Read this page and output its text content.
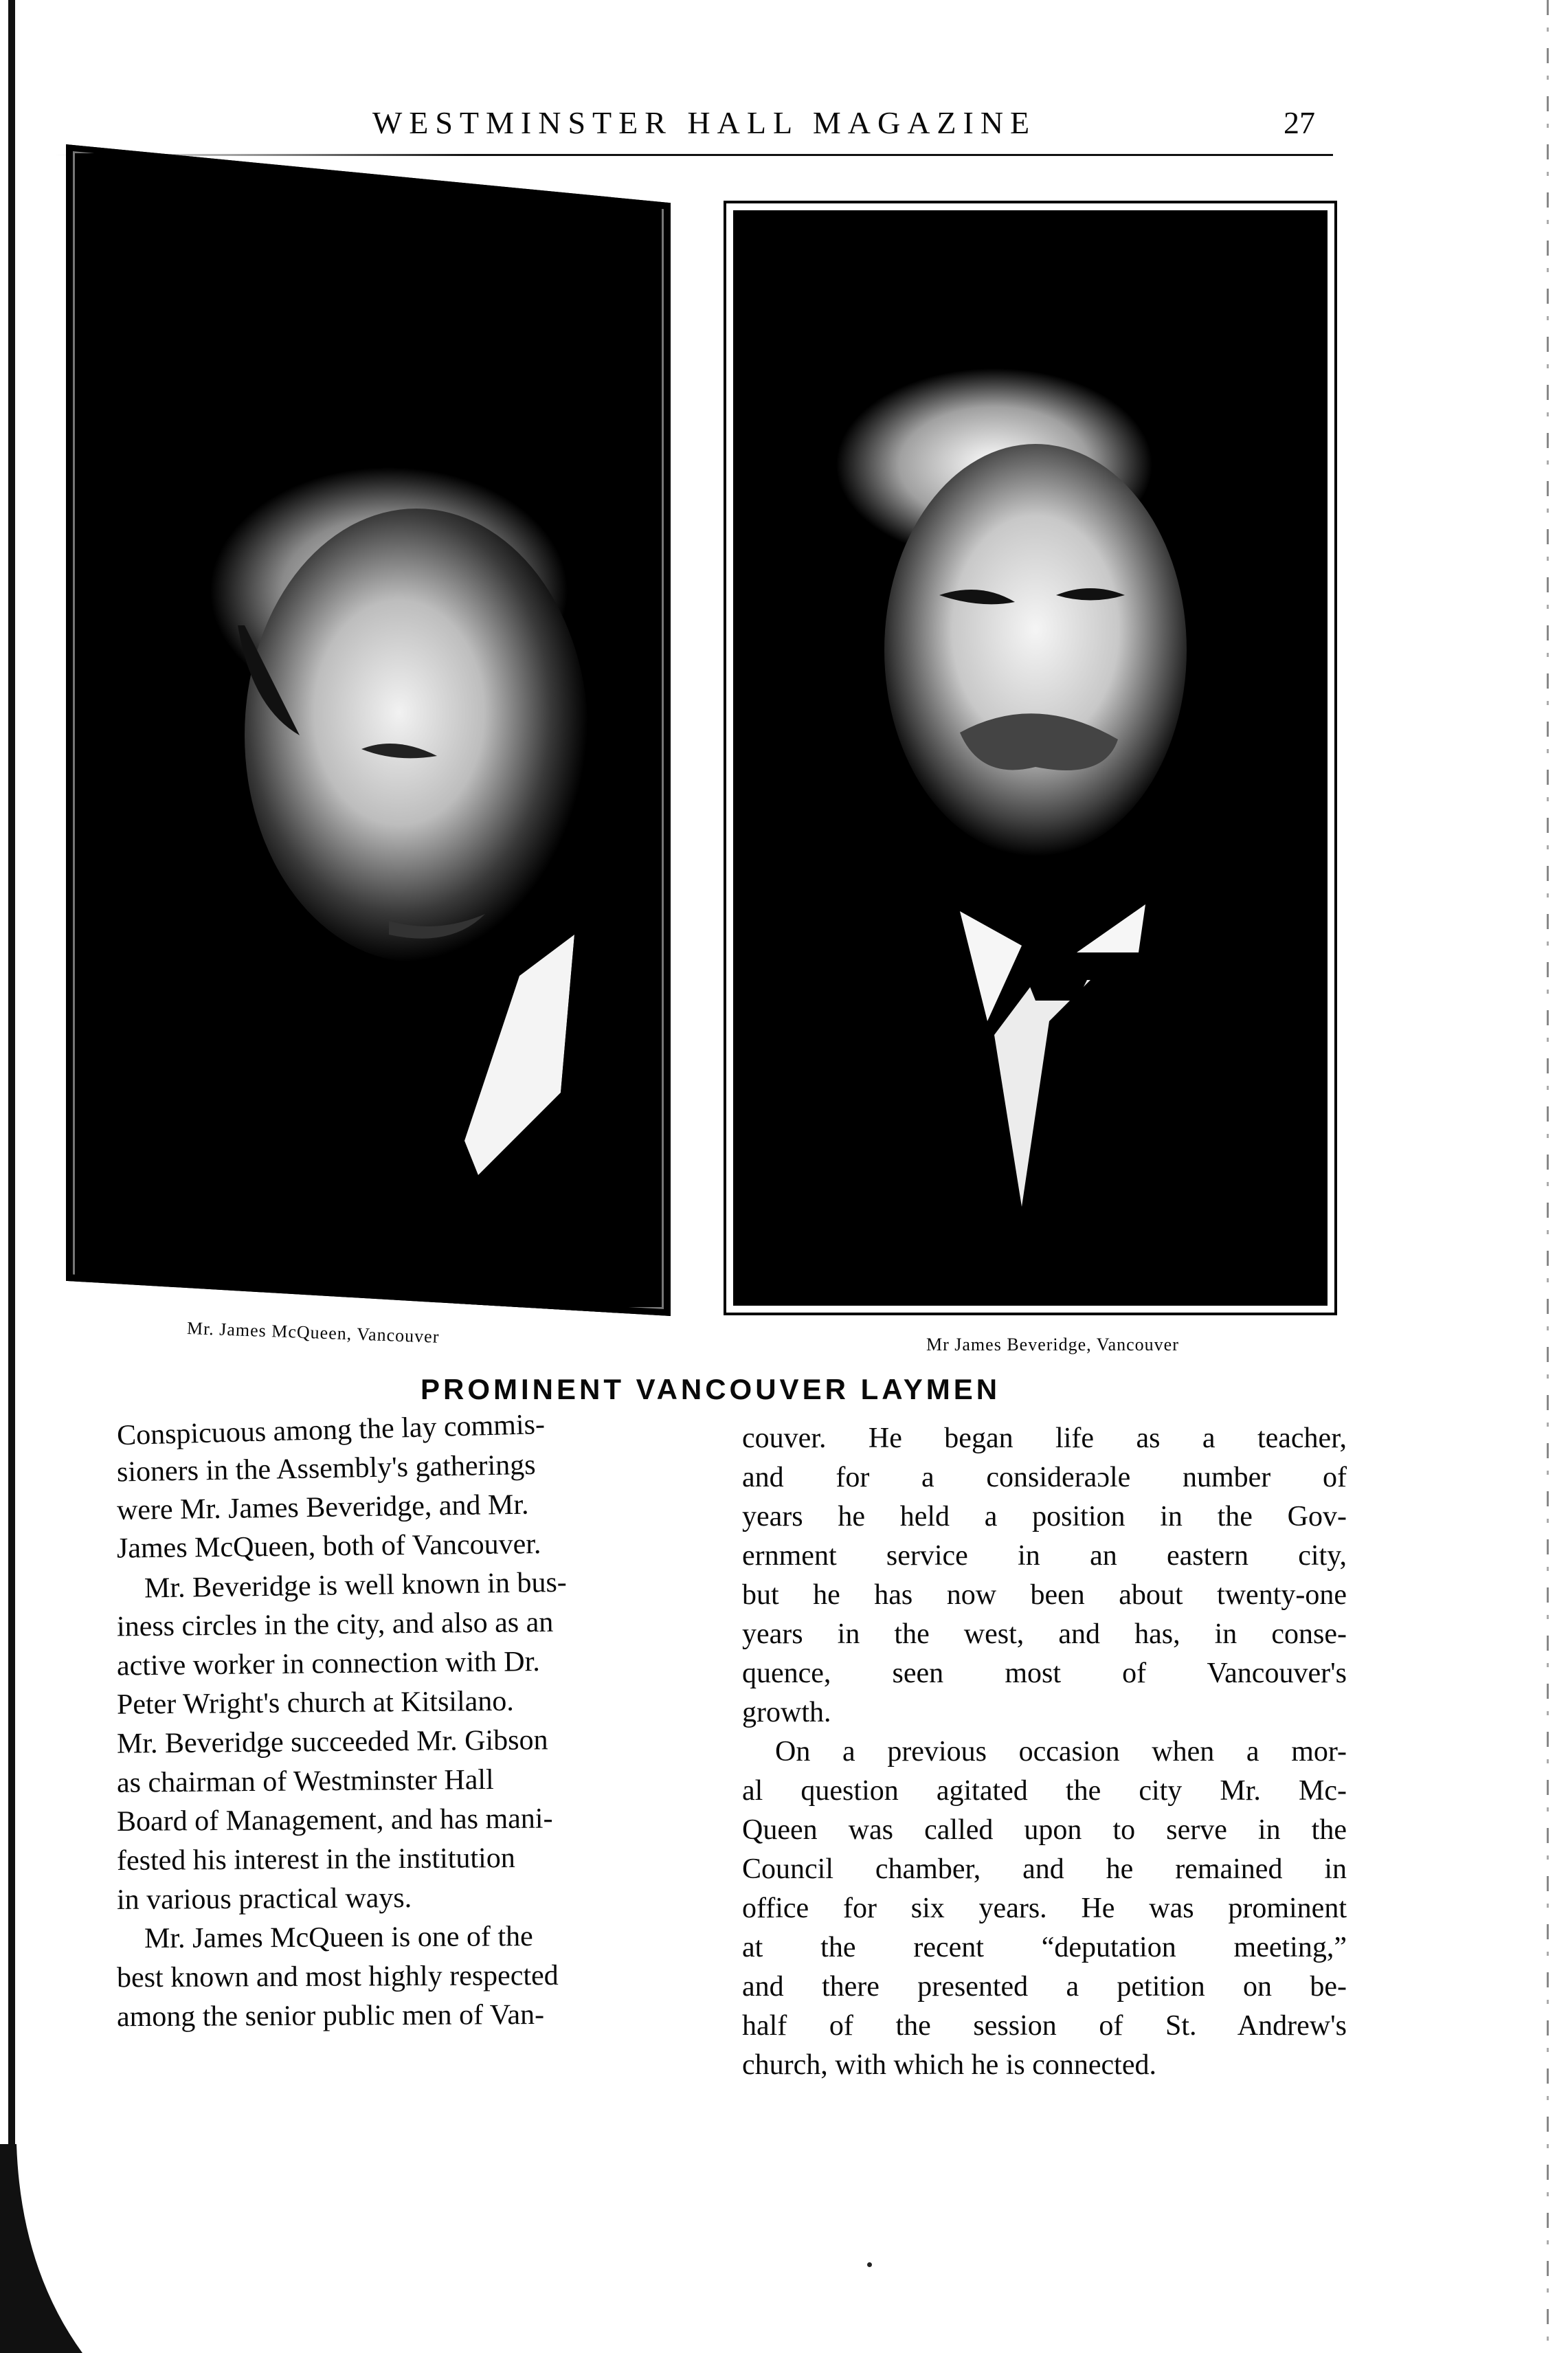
WESTMINSTER HALL MAGAZINE	27
Mr. James McQueen, Vancouver	Mr James Beveridge, Vancouver
PROMINENT VANCOUVER LAYMEN
Conspicuous among the lay commis-
sioners in the Assembly's gatherings
were Mr. James Beveridge, and Mr.
James McQueen, both of Vancouver.
Mr. Beveridge is well known in bus-
iness circles in the city, and also as an
active worker in connection with Dr.
Peter Wright's church at Kitsilano.
Mr. Beveridge succeeded Mr. Gibson
as chairman of Westminster Hall
Board of Management, and has mani-
fested his interest in the institution
in various practical ways.
Mr. James McQueen is one of the
best known and most highly respected
among the senior public men of Van-
couver. He began life as a teacher,
and for a consideraɔle number of
years he held a position in the Gov-
ernment service in an eastern city,
but he has now been about twenty-one
years in the west, and has, in conse-
quence, seen most of Vancouver's
growth.
On a previous occasion when a mor-
al question agitated the city Mr. Mc-
Queen was called upon to serve in the
Council chamber, and he remained in
office for six years. He was prominent
at the recent “deputation meeting,”
and there presented a petition on be-
half of the session of St. Andrew's
church, with which he is connected.
